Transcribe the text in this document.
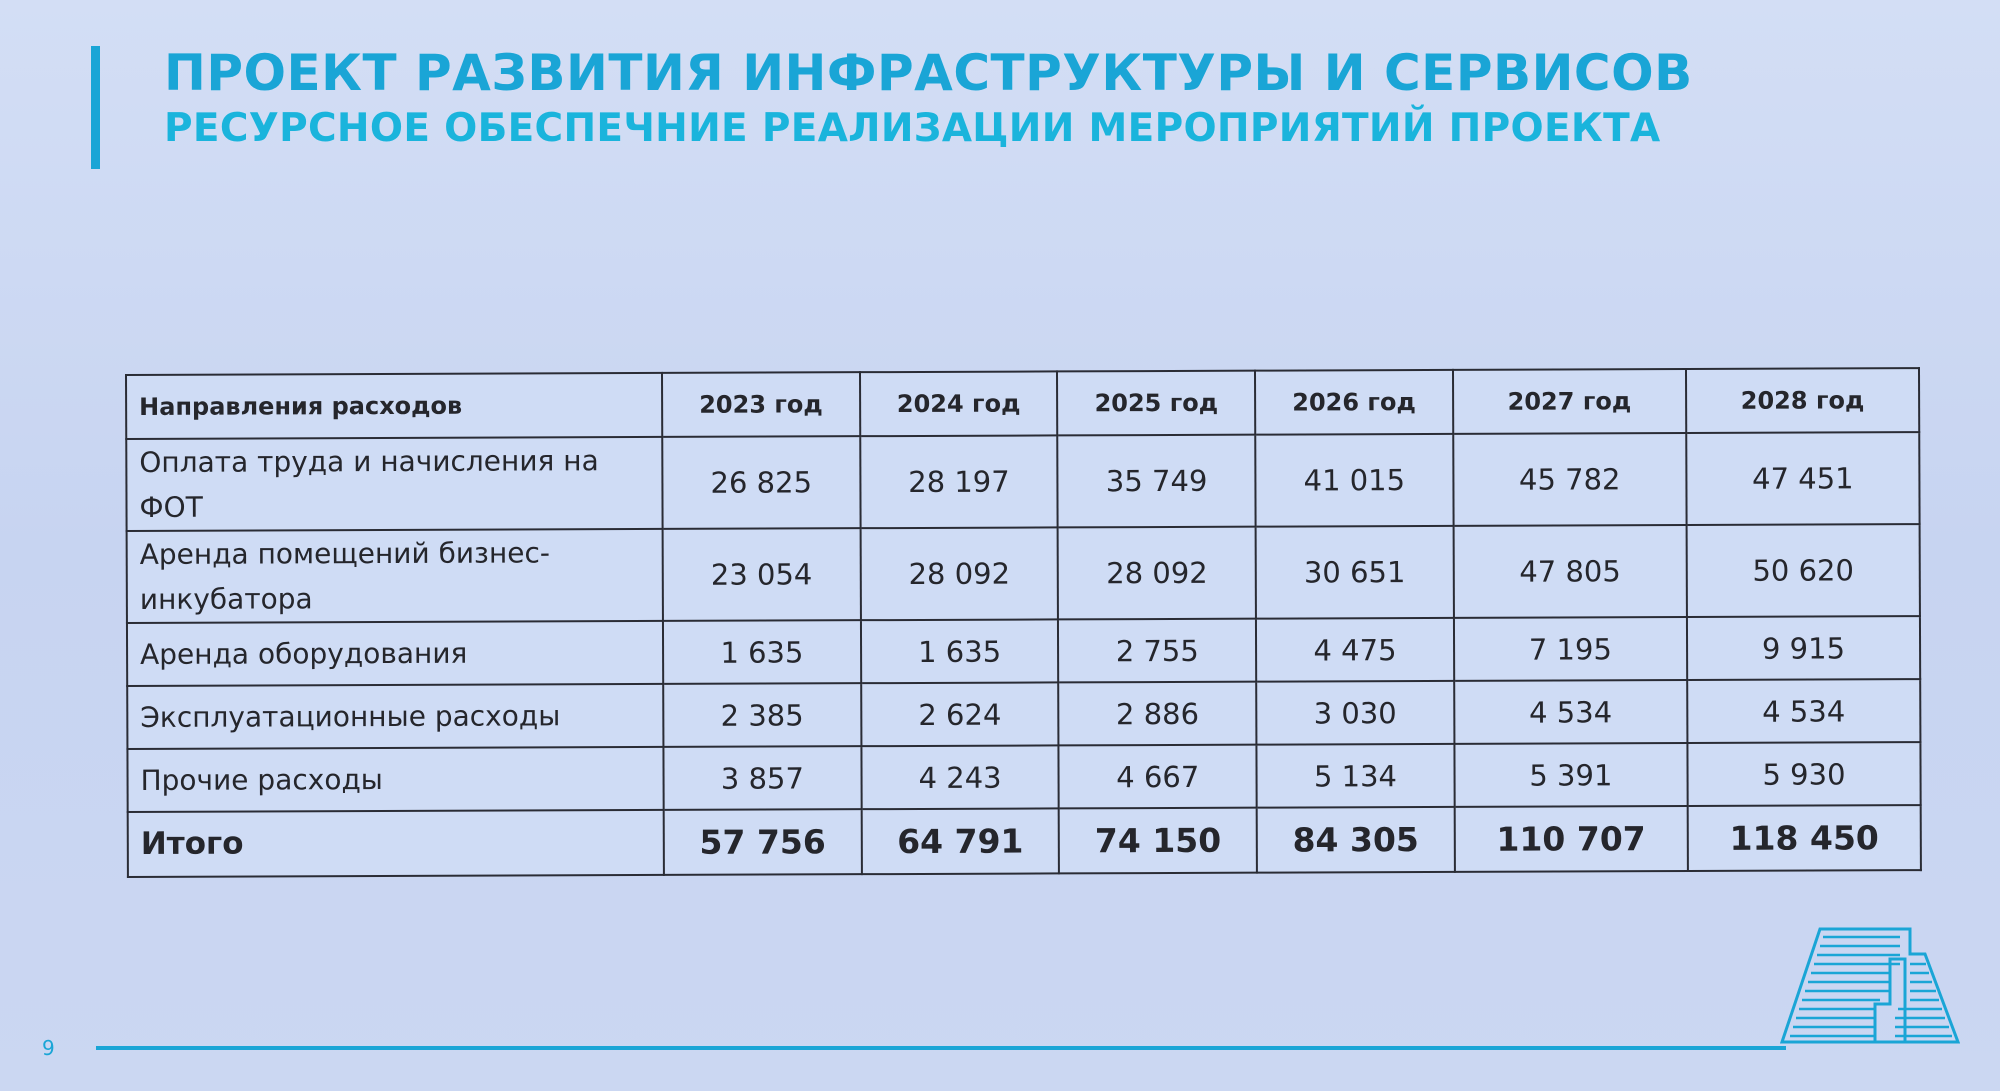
ПРОЕКТ РАЗВИТИЯ ИНФРАСТРУКТУРЫ И СЕРВИСОВ
РЕСУРСНОЕ ОБЕСПЕЧНИЕ РЕАЛИЗАЦИИ МЕРОПРИЯТИЙ ПРОЕКТА
Направления расходов	2023 год	2024 год	2025 год	2026 год	2027 год	2028 год
Оплата труда и начисления на ФОТ	26 825	28 197	35 749	41 015	45 782	47 451
Аренда помещений бизнес-инкубатора	23 054	28 092	28 092	30 651	47 805	50 620
Аренда оборудования	1 635	1 635	2 755	4 475	7 195	9 915
Эксплуатационные расходы	2 385	2 624	2 886	3 030	4 534	4 534
Прочие расходы	3 857	4 243	4 667	5 134	5 391	5 930
Итого	57 756	64 791	74 150	84 305	110 707	118 450
9
